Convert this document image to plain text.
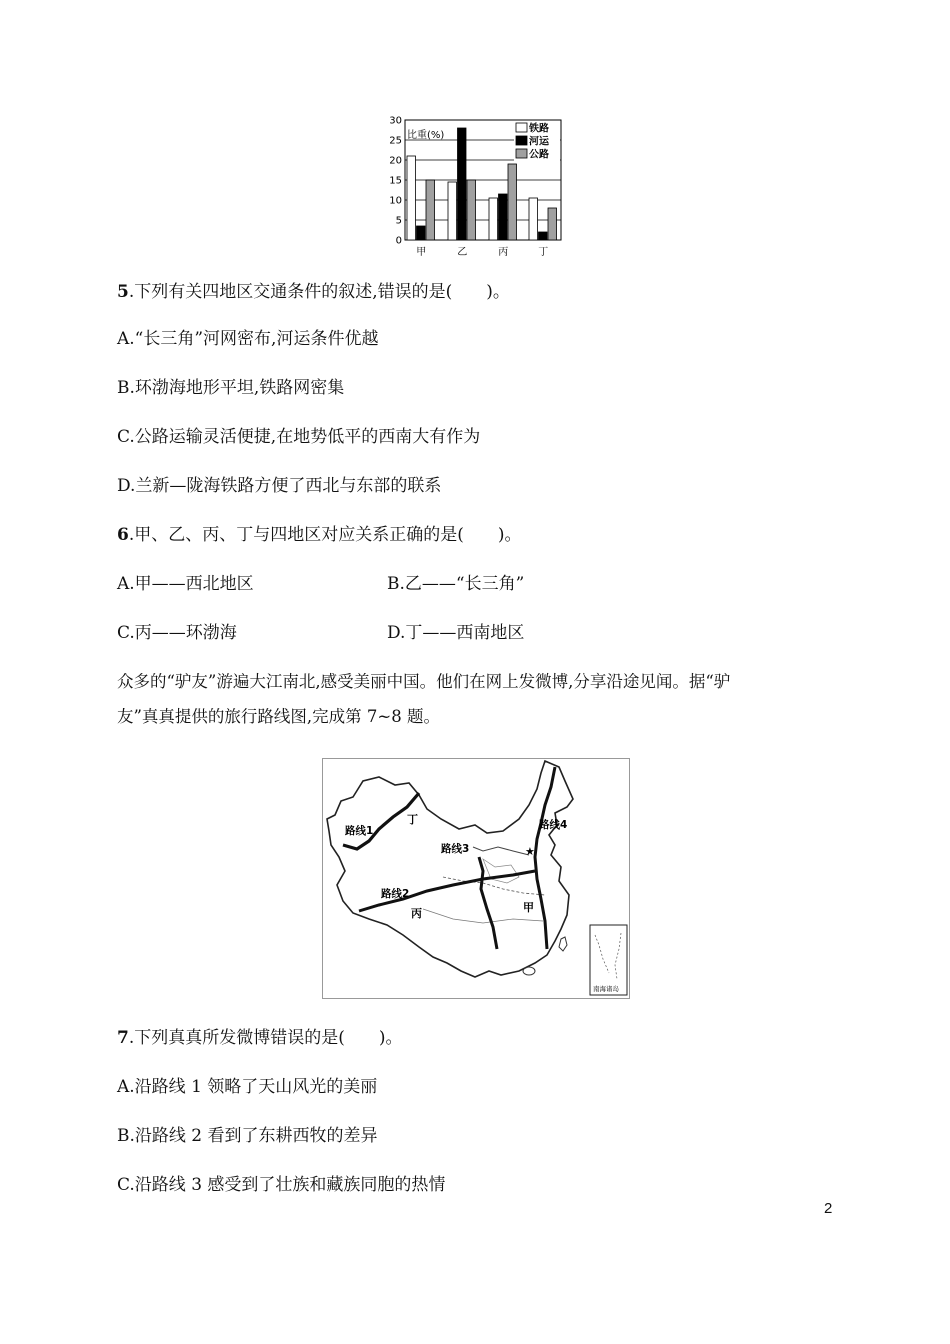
0
5
10
15
20
25
30
甲	乙	丙	丁
比重(%)
铁路
河运
公路
5.下列有关四地区交通条件的叙述,错误的是(　　)。
A.“长三角”河网密布,河运条件优越
B.环渤海地形平坦,铁路网密集
C.公路运输灵活便捷,在地势低平的西南大有作为
D.兰新—陇海铁路方便了西北与东部的联系
6.甲、乙、丙、丁与四地区对应关系正确的是(　　)。
A.甲——西北地区	B.乙——“长三角”
C.丙——环渤海	D.丁——西南地区
众多的“驴友”游遍大江南北,感受美丽中国。他们在网上发微博,分享沿途见闻。据“驴
友”真真提供的旅行路线图,完成第 7~8 题。
★
路线1
丁
路线3
路线4
路线2
丙	甲
南海诸岛
7.下列真真所发微博错误的是(　　)。
A.沿路线 1 领略了天山风光的美丽
B.沿路线 2 看到了东耕西牧的差异
C.沿路线 3 感受到了壮族和藏族同胞的热情
2
